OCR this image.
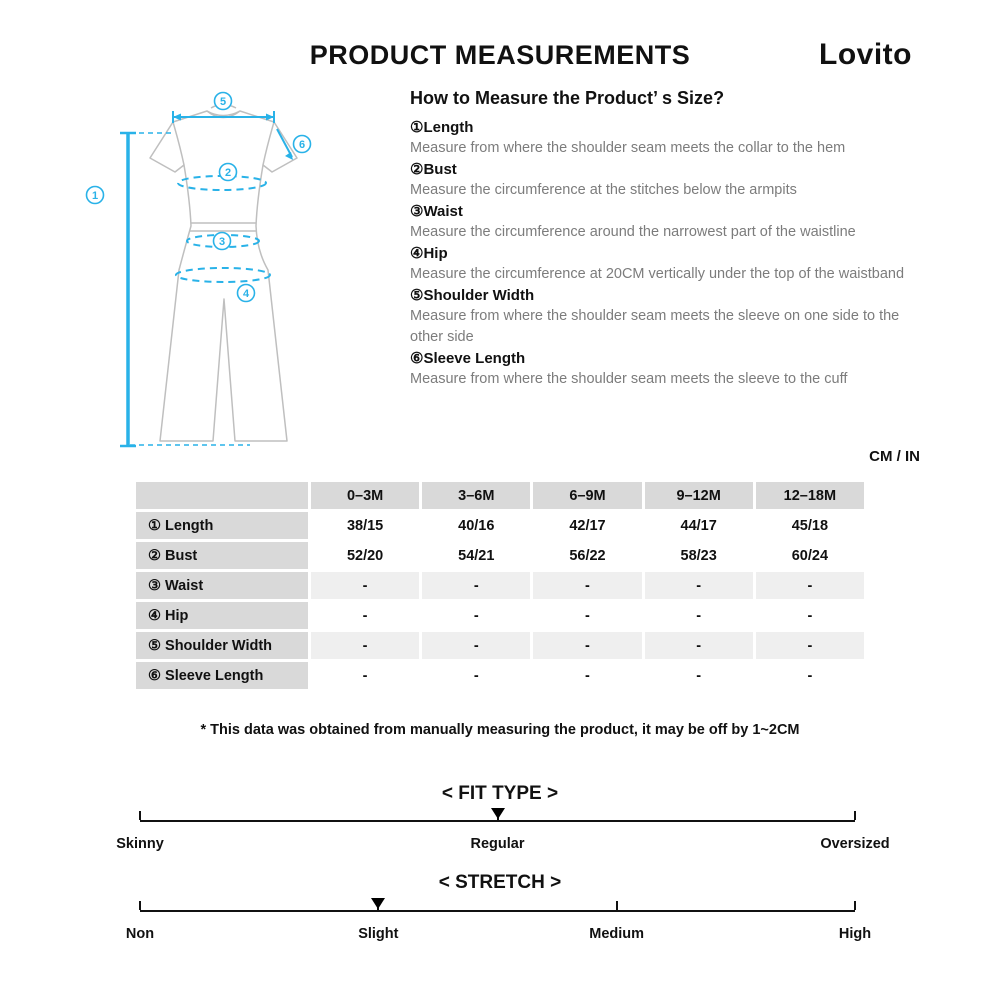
PRODUCT MEASUREMENTS	Lovito
1
2
3
4
5
6
How to Measure the Product’ s Size?
①Length
Measure from where the shoulder seam meets the collar to the hem
②Bust
Measure the circumference at the stitches below the armpits
③Waist
Measure the circumference around the narrowest part of the waistline
④Hip
Measure the circumference at 20CM vertically under the top of the waistband
⑤Shoulder Width
Measure from where the shoulder seam meets the sleeve on one side to the other side
⑥Sleeve Length
Measure from where the shoulder seam meets the sleeve to the cuff
CM / IN
	0–3M	3–6M	6–9M	9–12M	12–18M
① Length	38/15	40/16	42/17	44/17	45/18
② Bust	52/20	54/21	56/22	58/23	60/24
③ Waist	-	-	-	-	-
④ Hip	-	-	-	-	-
⑤ Shoulder Width	-	-	-	-	-
⑥ Sleeve Length	-	-	-	-	-
* This data was obtained from manually measuring the product, it may be off by 1~2CM
< FIT TYPE >
Skinny	Regular	Oversized
< STRETCH >
Non	Slight	Medium	High
